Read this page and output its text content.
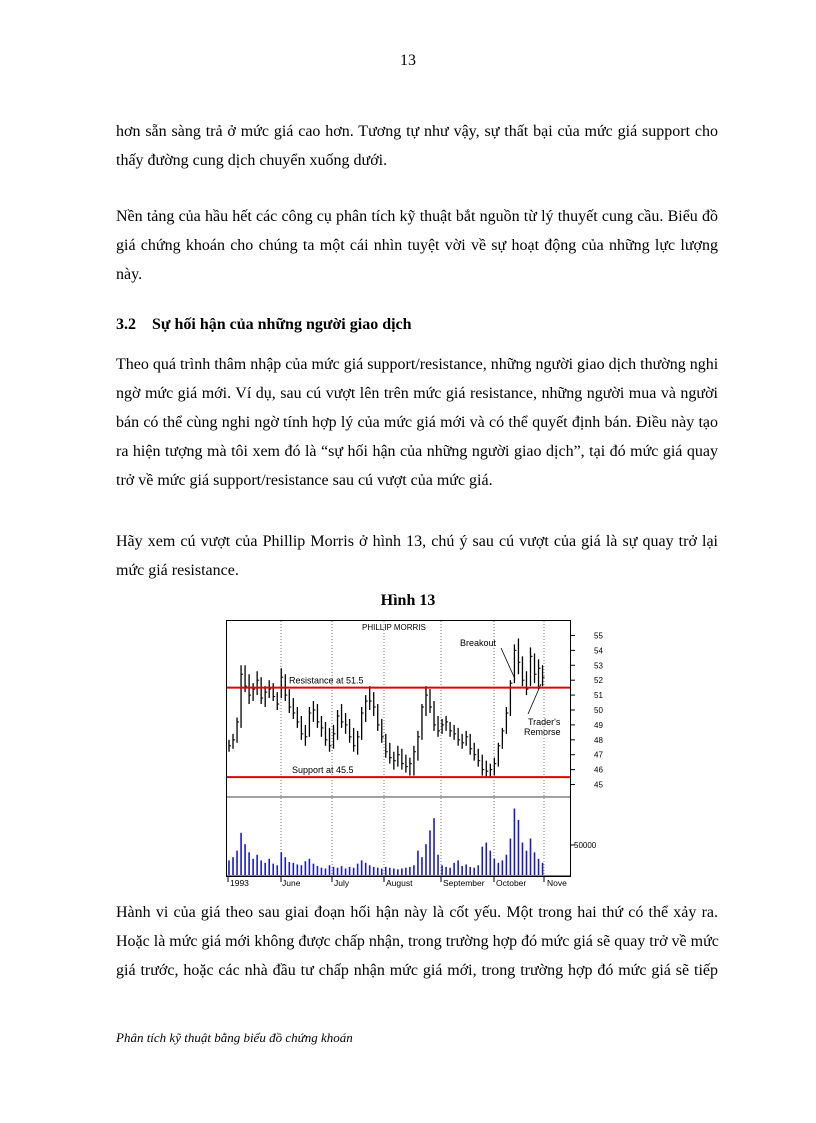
13
hơn sẵn sàng trả ở mức giá cao hơn. Tương tự như vậy, sự thất bại của mức giá support cho
thấy đường cung dịch chuyển xuống dưới.
Nền tảng của hầu hết các công cụ phân tích kỹ thuật bắt nguồn từ lý thuyết cung cầu. Biểu đồ
giá chứng khoán cho chúng ta một cái nhìn tuyệt vời về sự hoạt động của những lực lượng
này.
3.2 Sự hối hận của những người giao dịch
Theo quá trình thâm nhập của mức giá support/resistance, những người giao dịch thường nghi
ngờ mức giá mới. Ví dụ, sau cú vượt lên trên mức giá resistance, những người mua và người
bán có thể cùng nghi ngờ tính hợp lý của mức giá mới và có thể quyết định bán. Điều này tạo
ra hiện tượng mà tôi xem đó là “sự hối hận của những người giao dịch”, tại đó mức giá quay
trở về mức giá support/resistance sau cú vượt của mức giá.
Hãy xem cú vượt của Phillip Morris ở hình 13, chú ý sau cú vượt của giá là sự quay trở lại
mức giá resistance.
Hình 13
PHILLIP MORRIS
Resistance at 51.5
Support at 45.5
Breakout
Trader's
Remorse
55
54
53
52
51
50
49
48
47
46
45
50000
1993	June	July	August	September October Nove
Hành vi của giá theo sau giai đoạn hối hận này là cốt yếu. Một trong hai thứ có thể xảy ra.
Hoặc là mức giá mới không được chấp nhận, trong trường hợp đó mức giá sẽ quay trở về mức
giá trước, hoặc các nhà đầu tư chấp nhận mức giá mới, trong trường hợp đó mức giá sẽ tiếp
Phân tích kỹ thuật bằng biểu đồ chứng khoán
